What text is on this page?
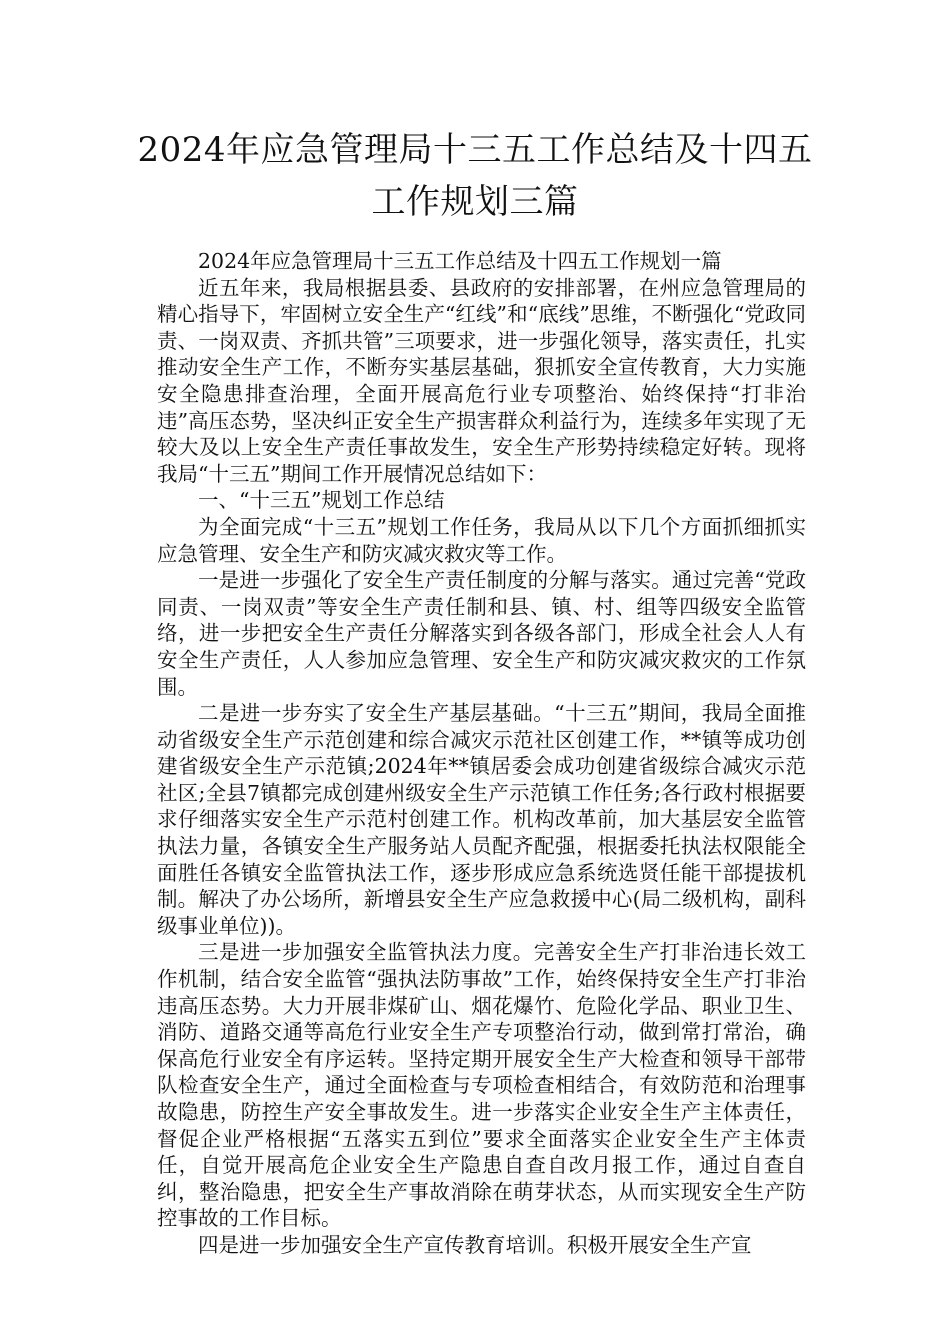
2024年应急管理局十三五工作总结及十四五工作规划三篇

2024年应急管理局十三五工作总结及十四五工作规划一篇

近五年来，我局根据县委、县政府的安排部署，在州应急管理局的精心指导下，牢固树立安全生产“红线”和“底线”思维，不断强化“党政同责、一岗双责、齐抓共管”三项要求，进一步强化领导，落实责任，扎实推动安全生产工作，不断夯实基层基础，狠抓安全宣传教育，大力实施安全隐患排查治理，全面开展高危行业专项整治、始终保持“打非治违”高压态势，坚决纠正安全生产损害群众利益行为，连续多年实现了无较大及以上安全生产责任事故发生，安全生产形势持续稳定好转。现将我局“十三五”期间工作开展情况总结如下：

一、“十三五”规划工作总结

为全面完成“十三五”规划工作任务，我局从以下几个方面抓细抓实应急管理、安全生产和防灾减灾救灾等工作。

一是进一步强化了安全生产责任制度的分解与落实。通过完善“党政同责、一岗双责”等安全生产责任制和县、镇、村、组等四级安全监管络，进一步把安全生产责任分解落实到各级各部门，形成全社会人人有安全生产责任，人人参加应急管理、安全生产和防灾减灾救灾的工作氛围。

二是进一步夯实了安全生产基层基础。“十三五”期间，我局全面推动省级安全生产示范创建和综合减灾示范社区创建工作，**镇等成功创建省级安全生产示范镇;2024年**镇居委会成功创建省级综合减灾示范社区;全县7镇都完成创建州级安全生产示范镇工作任务;各行政村根据要求仔细落实安全生产示范村创建工作。机构改革前，加大基层安全监管执法力量，各镇安全生产服务站人员配齐配强，根据委托执法权限能全面胜任各镇安全监管执法工作，逐步形成应急系统选贤任能干部提拔机制。解决了办公场所，新增县安全生产应急救援中心(局二级机构，副科级事业单位))。

三是进一步加强安全监管执法力度。完善安全生产打非治违长效工作机制，结合安全监管“强执法防事故”工作，始终保持安全生产打非治违高压态势。大力开展非煤矿山、烟花爆竹、危险化学品、职业卫生、消防、道路交通等高危行业安全生产专项整治行动，做到常打常治，确保高危行业安全有序运转。坚持定期开展安全生产大检查和领导干部带队检查安全生产，通过全面检查与专项检查相结合，有效防范和治理事故隐患，防控生产安全事故发生。进一步落实企业安全生产主体责任，督促企业严格根据“五落实五到位”要求全面落实企业安全生产主体责任，自觉开展高危企业安全生产隐患自查自改月报工作，通过自查自纠，整治隐患，把安全生产事故消除在萌芽状态，从而实现安全生产防控事故的工作目标。

四是进一步加强安全生产宣传教育培训。积极开展安全生产宣
